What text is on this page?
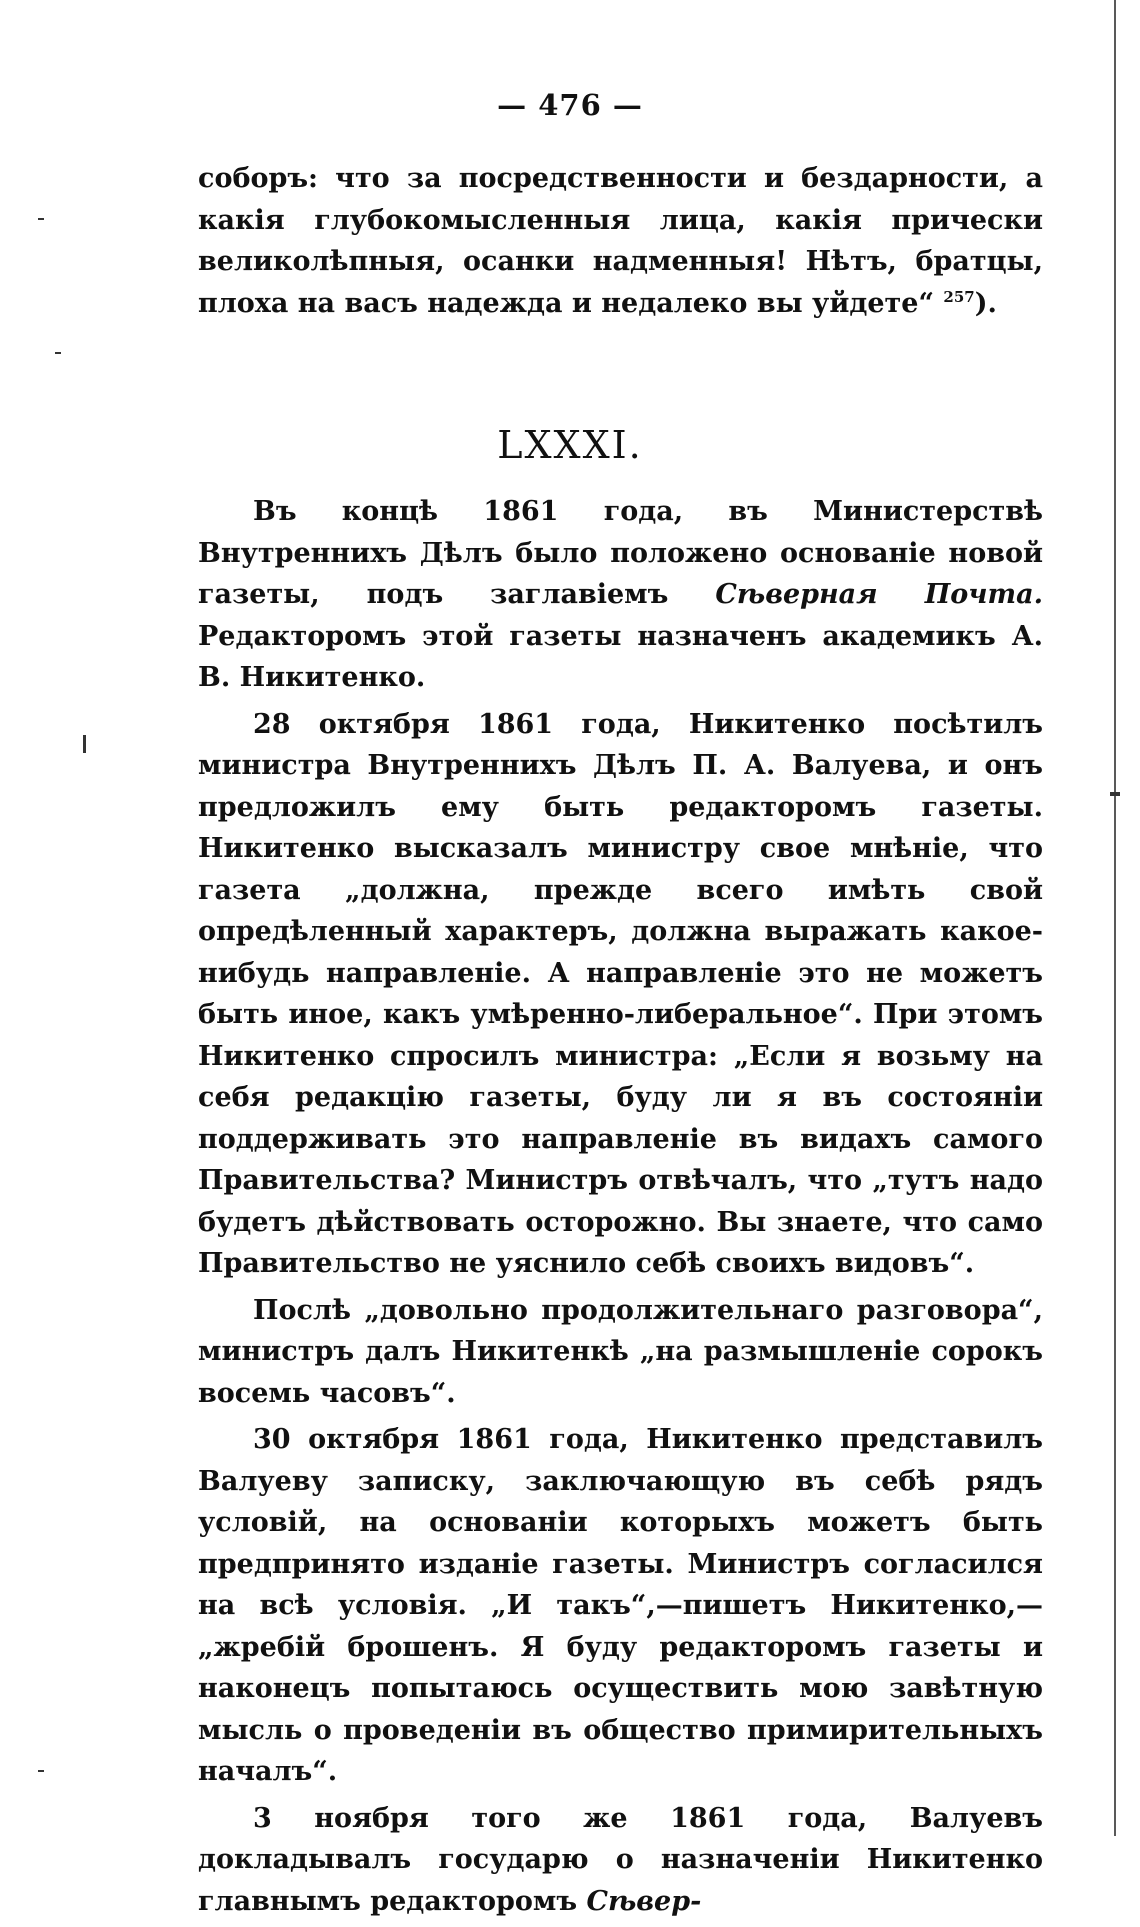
— 476 —

соборъ: что за посредственности и бездарности, а какія глубокомысленныя лица, какія прически великолѣпныя, осанки надменныя! Нѣтъ, братцы, плоха на васъ надежда и недалеко вы уйдете“ $^{257}$).

LXXXI.

Въ концѣ 1861 года, въ Министерствѣ Внутреннихъ Дѣлъ было положено основаніе новой газеты, подъ заглавіемъ Сѣверная Почта. Редакторомъ этой газеты назначенъ академикъ А. В. Никитенко.

28 октября 1861 года, Никитенко посѣтилъ министра Внутреннихъ Дѣлъ П. А. Валуева, и онъ предложилъ ему быть редакторомъ газеты. Никитенко высказалъ министру свое мнѣніе, что газета „должна, прежде всего имѣть свой опредѣленный характеръ, должна выражать какое-нибудь направленіе. А направленіе это не можетъ быть иное, какъ умѣренно-либеральное“. При этомъ Никитенко спросилъ министра: „Если я возьму на себя редакцію газеты, буду ли я въ состояніи поддерживать это направленіе въ видахъ самого Правительства? Министръ отвѣчалъ, что „тутъ надо будетъ дѣйствовать осторожно. Вы знаете, что само Правительство не уяснило себѣ своихъ видовъ“.

Послѣ „довольно продолжительнаго разговора“, министръ далъ Никитенкѣ „на размышленіе сорокъ восемь часовъ“.

30 октября 1861 года, Никитенко представилъ Валуеву записку, заключающую въ себѣ рядъ условій, на основаніи которыхъ можетъ быть предпринято изданіе газеты. Министръ согласился на всѣ условія. „И такъ“,—пишетъ Никитенко,—„жребій брошенъ. Я буду редакторомъ газеты и наконецъ попытаюсь осуществить мою завѣтную мысль о проведеніи въ общество примирительныхъ началъ“.

3 ноября того же 1861 года, Валуевъ докладывалъ государю о назначеніи Никитенко главнымъ редакторомъ Сѣвер-
